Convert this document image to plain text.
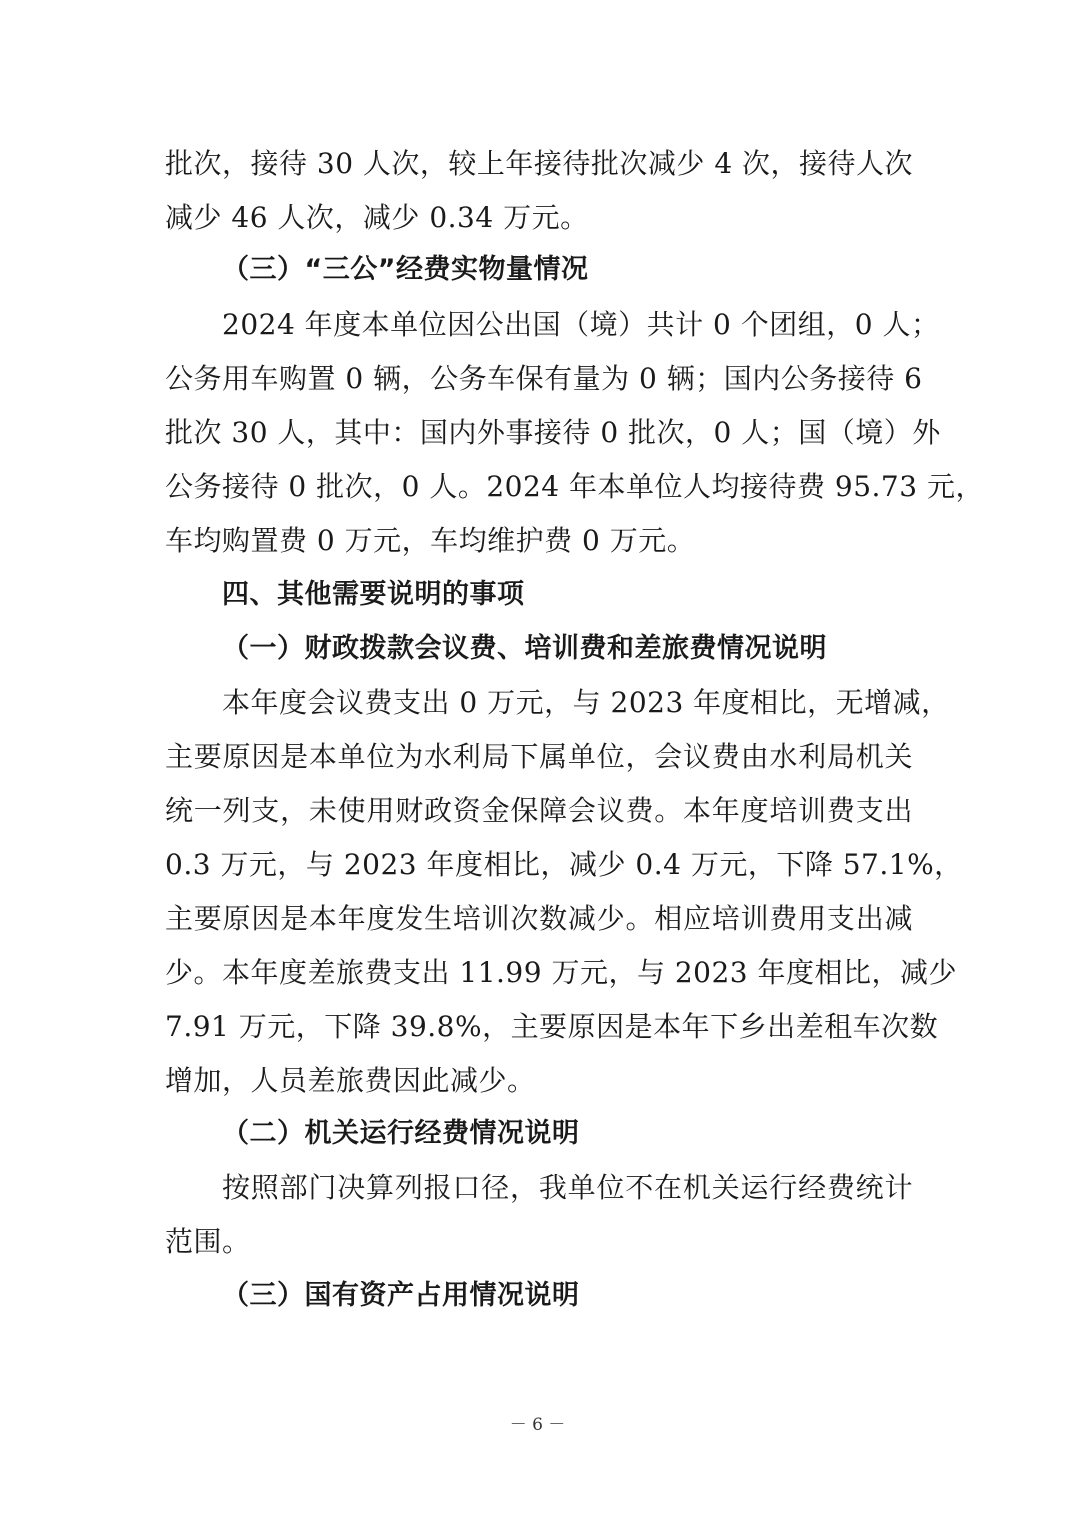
批次，接待 30 人次，较上年接待批次减少 4 次，接待人次
减少 46 人次，减少 0.34 万元。
（三）“三公”经费实物量情况
2024 年度本单位因公出国（境）共计 0 个团组，0 人；
公务用车购置 0 辆，公务车保有量为 0 辆；国内公务接待 6
批次 30 人，其中：国内外事接待 0 批次，0 人；国（境）外
公务接待 0 批次，0 人。2024 年本单位人均接待费 95.73 元，
车均购置费 0 万元，车均维护费 0 万元。
四、其他需要说明的事项
（一）财政拨款会议费、培训费和差旅费情况说明
本年度会议费支出 0 万元，与 2023 年度相比，无增减，
主要原因是本单位为水利局下属单位，会议费由水利局机关
统一列支，未使用财政资金保障会议费。本年度培训费支出
0.3 万元，与 2023 年度相比，减少 0.4 万元，下降 57.1%，
主要原因是本年度发生培训次数减少。相应培训费用支出减
少。本年度差旅费支出 11.99 万元，与 2023 年度相比，减少
7.91 万元，下降 39.8%，主要原因是本年下乡出差租车次数
增加，人员差旅费因此减少。
（二）机关运行经费情况说明
按照部门决算列报口径，我单位不在机关运行经费统计
范围。
（三）国有资产占用情况说明
－ 6 －
